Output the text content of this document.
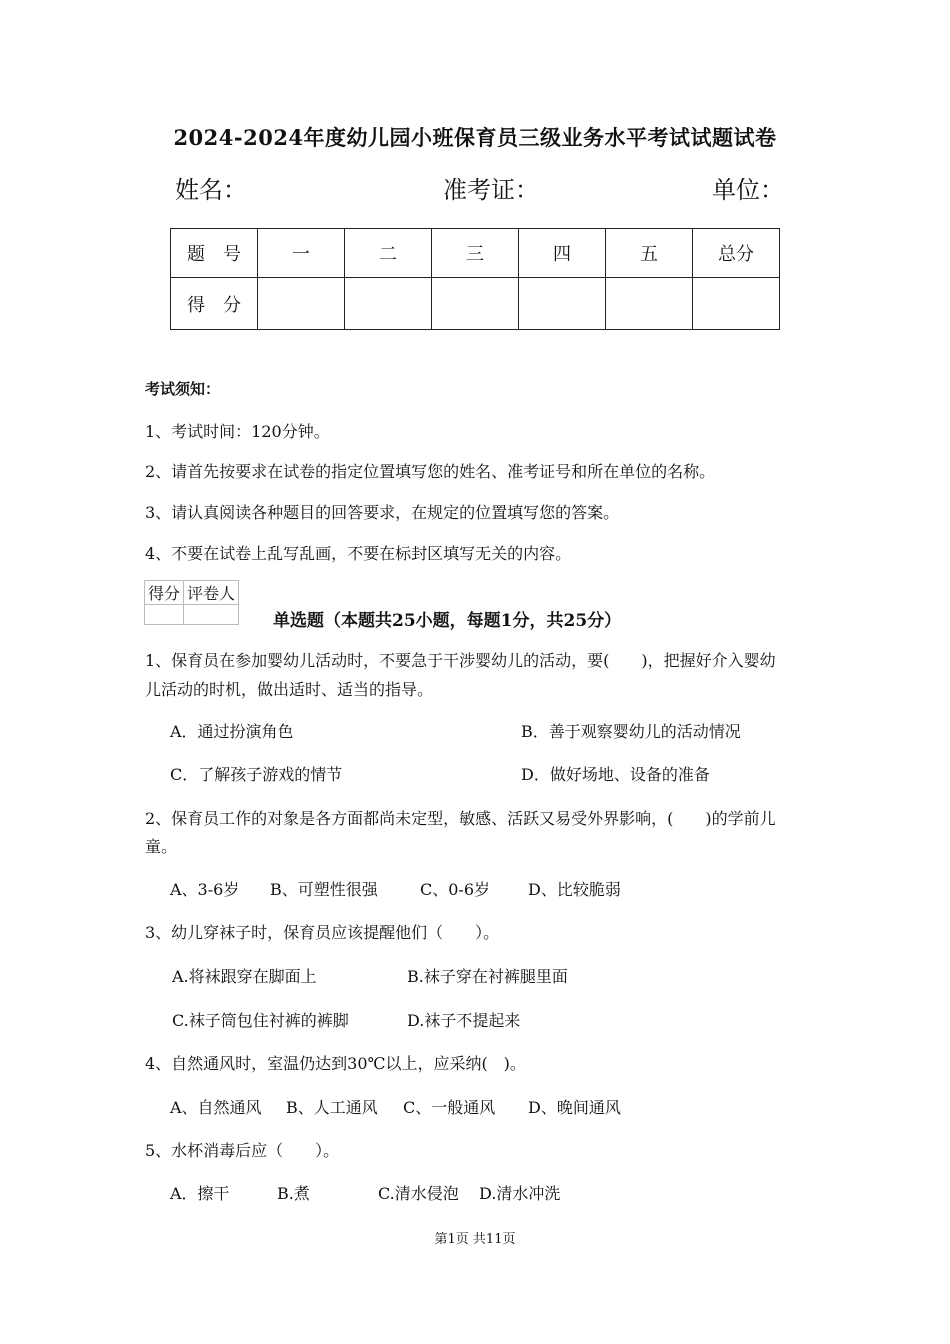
2024-2024年度幼儿园小班保育员三级业务水平考试试题试卷
姓名：	准考证：	单位：
题　号	一	二	三	四	五	总分
得　分						
考试须知：
1、考试时间：120分钟。
2、请首先按要求在试卷的指定位置填写您的姓名、准考证号和所在单位的名称。
3、请认真阅读各种题目的回答要求，在规定的位置填写您的答案。
4、不要在试卷上乱写乱画，不要在标封区填写无关的内容。
得分	评卷人

单选题（本题共25小题，每题1分，共25分）
1、保育员在参加婴幼儿活动时，不要急于干涉婴幼儿的活动，要(　　)，把握好介入婴幼
儿活动的时机，做出适时、适当的指导。
A．通过扮演角色	B．善于观察婴幼儿的活动情况
C．了解孩子游戏的情节	D．做好场地、设备的准备
2、保育员工作的对象是各方面都尚未定型，敏感、活跃又易受外界影响，(　　)的学前儿
童。
A、3-6岁 B、可塑性很强	C、0-6岁 D、比较脆弱
3、幼儿穿袜子时，保育员应该提醒他们（　　）。
A.将袜跟穿在脚面上	B.袜子穿在衬裤腿里面
C.袜子筒包住衬裤的裤脚	D.袜子不提起来
4、自然通风时，室温仍达到30℃以上，应采纳(　)。
A、自然通风 B、人工通风 C、一般通风 D、晚间通风
5、水杯消毒后应（　　）。
A．擦干	B.煮	C.清水侵泡 D.清水冲洗
第1页 共11页
